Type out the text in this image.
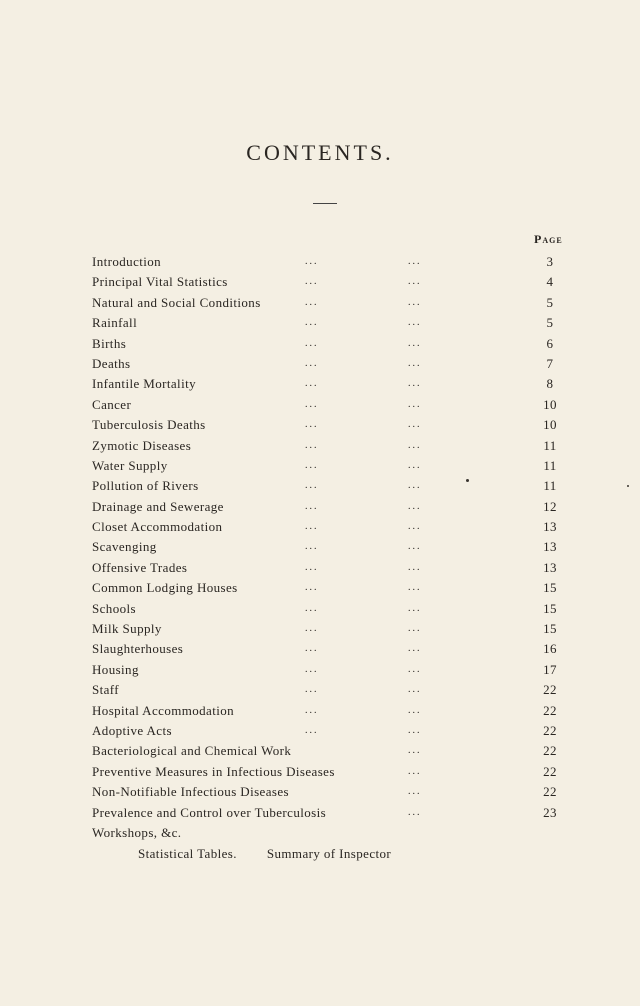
CONTENTS.
Page
Introduction	...	...	3
Principal Vital Statistics	...	...	4
Natural and Social Conditions	...	...	5
Rainfall	...	...	5
Births	...	...	6
Deaths	...	...	7
Infantile Mortality	...	...	8
Cancer	...	...	10
Tuberculosis Deaths	...	...	10
Zymotic Diseases	...	...	11
Water Supply	...	...	11
Pollution of Rivers	...	...	11
Drainage and Sewerage	...	...	12
Closet Accommodation	...	...	13
Scavenging	...	...	13
Offensive Trades	...	...	13
Common Lodging Houses	...	...	15
Schools	...	...	15
Milk Supply	...	...	15
Slaughterhouses	...	...	16
Housing	...	...	17
Staff	...	...	22
Hospital Accommodation	...	...	22
Adoptive Acts	...	...	22
Bacteriological and Chemical Work	...	22
Preventive Measures in Infectious Diseases	...	22
Non-Notifiable Infectious Diseases	...	22
Prevalence and Control over Tuberculosis	...	23
Workshops, &c.
Statistical Tables. Summary of Inspector
